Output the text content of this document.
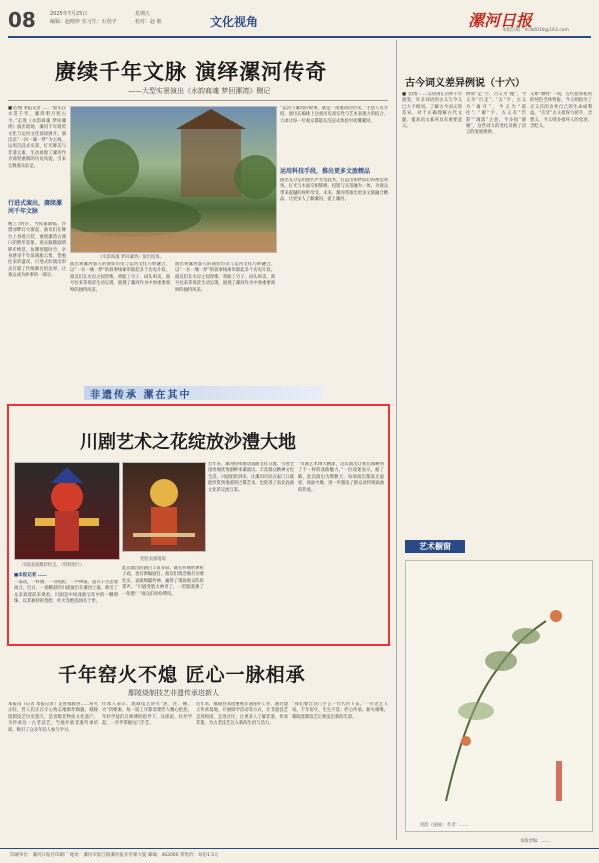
08	2025年7月25日
编辑：赵晴珍 实习生：石创宇
星期五
校对：赵 敏	文化视角	漯河日报
本版信箱：lhrb0018@163.com
赓续千年文脉 演绎漯河传奇
——大型实景演出《水韵商魂 梦回漯湾》侧记
■文/图 本报记者 ……“船头汉水贯千年，漯湾明月照古今。”走进《水韵商魂 梦回漯湾》演出现场，漯河千年商贸文化与运河文化徐徐展开。演出以“一河一城一梦”为主线，运用沉浸式实景、灯光舞美与非遗元素，生动再现了漯河作为商贸重镇的历史风貌，引来无数观众驻足。
行进式演出，赓续漯河千年文脉
晚上7时许，当夜幕降临，沙澧河畔灯火渐起，演员们在舞台上身着古装，重现漯湾古渡口的繁华景象。观众跟随剧情移步换景，仿佛穿越时空，亲身感受千年前商船云集、货殖往来的盛况。行进式的演出形式打破了传统舞台的边界，让观众成为故事的一部分。
《水韵商魂 梦回漯湾》演出现场。
“运河与漯河的故事，就是一部流动的历史。”主创人员介绍，演出在编排上注重历史真实性与艺术表现力的结合，力求让每一位观众都能在沉浸式体验中读懂漯河。
运用科技手段，推出更多文旅精品
演出充分运用现代声光电技术，打造出如梦似幻的视觉效果。灯光与水面交相辉映，投影与实景融为一体，为观众带来震撼的视听享受。未来，漯河将推出更多文旅融合精品，让更多人了解漯河、爱上漯河。
演出将漯河悠久的商贸历史与运河文化巧妙融合，以“一水一城一梦”的叙事线索串联起多个历史片段。演员们在水岸之间穿梭，将船工号子、码头叫卖、商号往来等场景生动呈现，展现了漯河作为中原重要商埠的独特风采。
演出将漯河悠久的商贸历史与运河文化巧妙融合，以“一水一城一梦”的叙事线索串联起多个历史片段。演员们在水岸之间穿梭，将船工号子、码头叫卖、商号往来等场景生动呈现，展现了漯河作为中原重要商埠的独特风采。
非遗传承 漯在其中
川剧艺术之花绽放沙澧大地
川剧表演精彩纷呈。（资料图片）
变脸表演现场
■本报记者 ……
一部戏，一杆旗，一句唱腔，一声锣鼓，道尽千古悲欢离合。近日，一场精彩的川剧演出在漯河上演，吸引了众多戏迷前来观看。川剧是中国戏曲宝库中的一颗明珠，以其独特的变脸、吐火等绝技闻名于世。
此次演出的剧目丰富多彩，既有传统经典折子戏，也有新编剧目。演员们唱念做打功底扎实，表演细腻传神，赢得了现场观众阵阵掌声。“川剧变脸太神奇了，一眨眼就换了一张脸！”观众们纷纷赞叹。
近年来，漯河持续推动戏曲文化交流，引进全国各地优秀剧种来漯演出，丰富群众精神文化生活。川剧团的到来，让漯河市民在家门口就能欣赏到地道的巴蜀艺术，也促进了南北戏曲文化的交流互鉴。
“川剧艺术博大精深，这次演出让我们领略到了不一样的戏曲魅力。”一位戏迷表示。据了解，此次演出为期数天，每场演出都座无虚席，场面火爆，进一步激发了群众对传统戏曲的热爱。
千年窑火不熄 匠心一脉相承
鄢陵烧制技艺非遗传承进新人
本报讯（记者 本报记者）走进鄢陵县……窑火正旺，匠人们正在专心致志地制作陶器。鄢陵烧制技艺历史悠久，是省级非物质文化遗产。为传承这一古老技艺，当地开展非遗传承培训，吸引了众多年轻人参与学习。
传承人表示，烧制技艺讲究“泥、坯、釉、火”四要素，每一道工序都需要匠人精心把控。年轻学徒们在师傅的指导下，从揉泥、拉坯学起，一步步掌握这门手艺。
近年来，鄢陵县高度重视非遗保护工作，通过建立传承基地、开展研学活动等方式，让非遗技艺走进校园、走进社区，让更多人了解非遗、传承非遗，为古老技艺注入新的生机与活力。
“我们要让这门手艺一代代传下去。”一位老艺人说。千年窑火，生生不息；匠心传承，薪火相继。鄢陵烧制技艺正焕发出新的光彩。
古今词义差异例说（十六）
■ 文/图 ……汉语词汇历经千年演变，许多词语的古义与今义已大不相同。了解古今词义的差异，对于正确理解古代文献、提高语文素养具有重要意义。
例如“走”字，古义为“跑”，今义为“行走”；“去”字，古义为“离开”，今义为“前往”；“谢”字，古义有“告辞”“凋落”之意，今多指“感谢”。这些词义的变化反映了语言的发展规律。
又如“牺牲”一词，古代指祭祀用的纯色全体牲畜，今义则指为了正义目的舍弃自己的生命或利益。“爪牙”古义指得力助手，含褒义，今义则多指坏人的党羽，含贬义。
艺术橱窗
清韵（国画） 作者：……
本版责编：……
印刷单位：漯河日报社印刷厂 地址：漯河市淞江路漯河报业传媒大厦 邮编：462000 零售价：每份1.5元
